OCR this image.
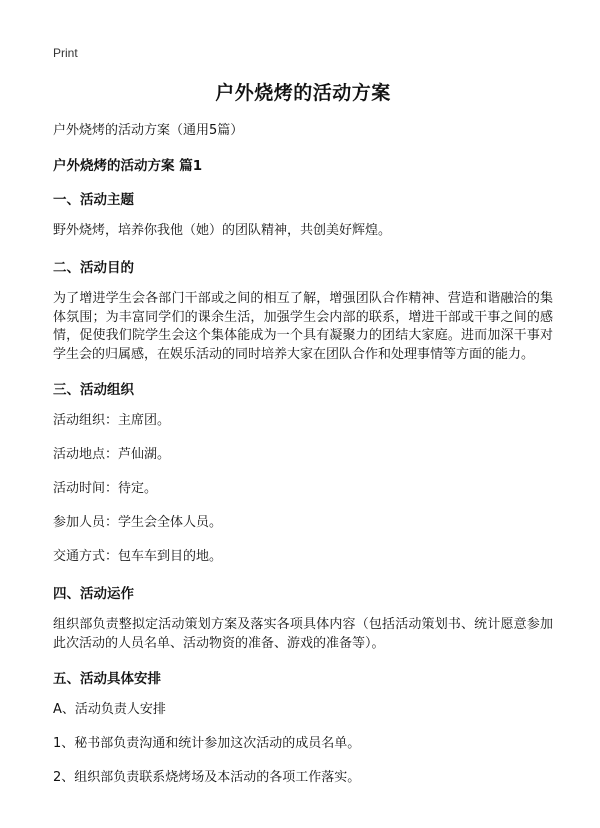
Print
户外烧烤的活动方案
户外烧烤的活动方案（通用5篇）
户外烧烤的活动方案 篇1
一、活动主题
野外烧烤，培养你我他（她）的团队精神，共创美好辉煌。
二、活动目的
为了增进学生会各部门干部或之间的相互了解，增强团队合作精神、营造和谐融洽的集体氛围；为丰富同学们的课余生活，加强学生会内部的联系，增进干部或干事之间的感情，促使我们院学生会这个集体能成为一个具有凝聚力的团结大家庭。进而加深干事对学生会的归属感，在娱乐活动的同时培养大家在团队合作和处理事情等方面的能力。
三、活动组织
活动组织：主席团。
活动地点：芦仙湖。
活动时间：待定。
参加人员：学生会全体人员。
交通方式：包车车到目的地。
四、活动运作
组织部负责整拟定活动策划方案及落实各项具体内容（包括活动策划书、统计愿意参加此次活动的人员名单、活动物资的准备、游戏的准备等）。
五、活动具体安排
A、活动负责人安排
1、秘书部负责沟通和统计参加这次活动的成员名单。
2、组织部负责联系烧烤场及本活动的各项工作落实。
